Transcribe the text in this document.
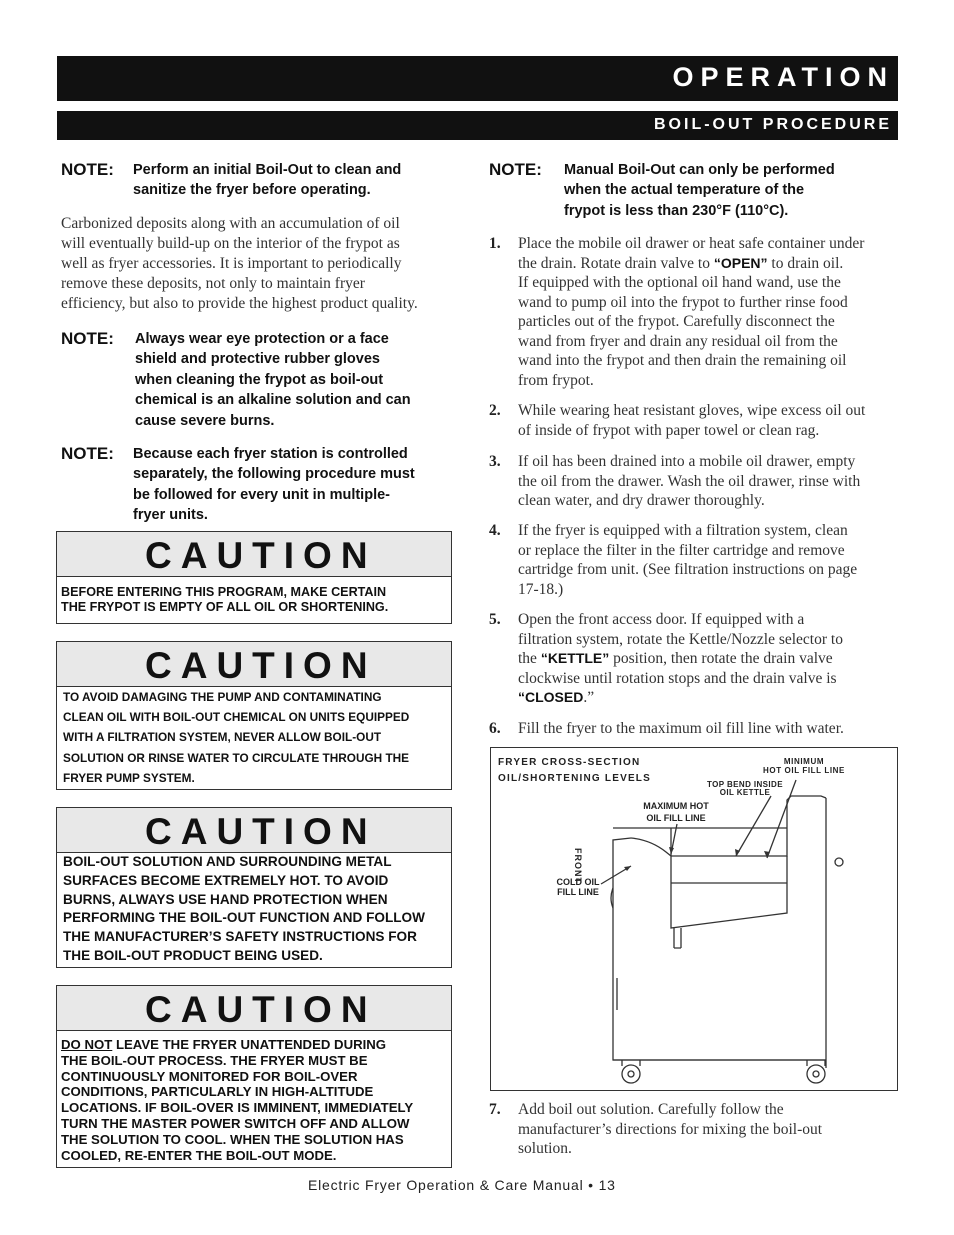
OPERATION
BOIL-OUT PROCEDURE
NOTE: Perform an initial Boil-Out to clean and
sanitize the fryer before operating.
Carbonized deposits along with an accumulation of oil
will eventually build-up on the interior of the frypot as
well as fryer accessories. It is important to periodically
remove these deposits, not only to maintain fryer
efficiency, but also to provide the highest product quality.
NOTE: Always wear eye protection or a face
shield and protective rubber gloves
when cleaning the frypot as boil-out
chemical is an alkaline solution and can
cause severe burns.
NOTE: Because each fryer station is controlled
separately, the following procedure must
be followed for every unit in multiple-
fryer units.
CAUTION
BEFORE ENTERING THIS PROGRAM, MAKE CERTAIN
THE FRYPOT IS EMPTY OF ALL OIL OR SHORTENING.
CAUTION
TO AVOID DAMAGING THE PUMP AND CONTAMINATING
CLEAN OIL WITH BOIL-OUT CHEMICAL ON UNITS EQUIPPED
WITH A FILTRATION SYSTEM, NEVER ALLOW BOIL-OUT
SOLUTION OR RINSE WATER TO CIRCULATE THROUGH THE
FRYER PUMP SYSTEM.
CAUTION
BOIL-OUT SOLUTION AND SURROUNDING METAL
SURFACES BECOME EXTREMELY HOT. TO AVOID
BURNS, ALWAYS USE HAND PROTECTION WHEN
PERFORMING THE BOIL-OUT FUNCTION AND FOLLOW
THE MANUFACTURER’S SAFETY INSTRUCTIONS FOR
THE BOIL-OUT PRODUCT BEING USED.
CAUTION
DO NOT LEAVE THE FRYER UNATTENDED DURING
THE BOIL-OUT PROCESS. THE FRYER MUST BE
CONTINUOUSLY MONITORED FOR BOIL-OVER
CONDITIONS, PARTICULARLY IN HIGH-ALTITUDE
LOCATIONS. IF BOIL-OVER IS IMMINENT, IMMEDIATELY
TURN THE MASTER POWER SWITCH OFF AND ALLOW
THE SOLUTION TO COOL. WHEN THE SOLUTION HAS
COOLED, RE-ENTER THE BOIL-OUT MODE.
NOTE: Manual Boil-Out can only be performed
when the actual temperature of the
frypot is less than 230°F (110°C).
1. Place the mobile oil drawer or heat safe container under
the drain. Rotate drain valve to “OPEN” to drain oil.
If equipped with the optional oil hand wand, use the
wand to pump oil into the frypot to further rinse food
particles out of the frypot. Carefully disconnect the
wand from fryer and drain any residual oil from the
wand into the frypot and then drain the remaining oil
from frypot.
2. While wearing heat resistant gloves, wipe excess oil out
of inside of frypot with paper towel or clean rag.
3. If oil has been drained into a mobile oil drawer, empty
the oil from the drawer. Wash the oil drawer, rinse with
clean water, and dry drawer thoroughly.
4. If the fryer is equipped with a filtration system, clean
or replace the filter in the filter cartridge and remove
cartridge from unit. (See filtration instructions on page
17-18.)
5. Open the front access door. If equipped with a
filtration system, rotate the Kettle/Nozzle selector to
the “KETTLE” position, then rotate the drain valve
clockwise until rotation stops and the drain valve is
“CLOSED.”
6. Fill the fryer to the maximum oil fill line with water.
FRYER CROSS-SECTION
OIL/SHORTENING LEVELS
MINIMUM
HOT OIL FILL LINE
TOP BEND INSIDE
OIL KETTLE
MAXIMUM HOT
OIL FILL LINE
FRONT
COLD OIL
FILL LINE
7. Add boil out solution. Carefully follow the
manufacturer’s directions for mixing the boil-out
solution.
Electric Fryer Operation & Care Manual • 13
